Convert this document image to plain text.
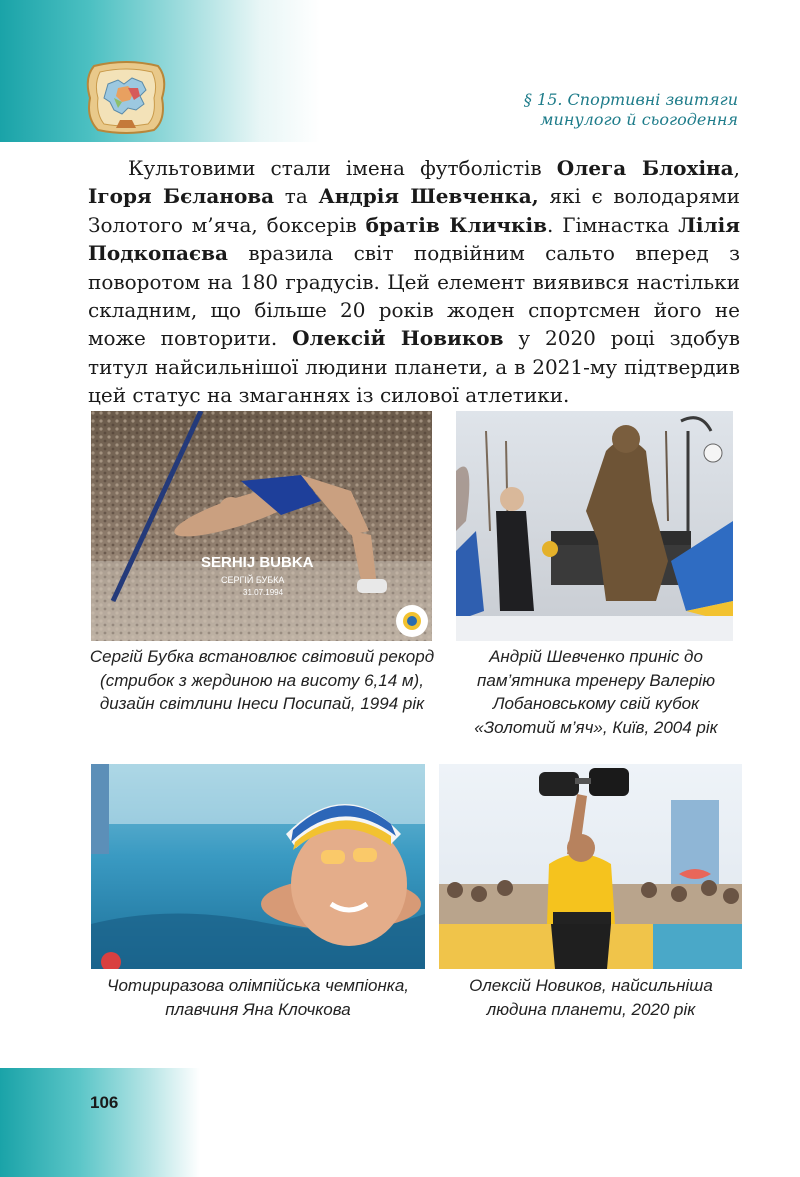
§ 15. Спортивні звитяги
минулого й сьогодення

Культовими стали імена футболістів Олега Блохіна, Ігоря Бєланова та Андрія Шевченка, які є володарями Золотого м’яча, боксерів братів Кличків. Гімнастка Лілія Подкопаєва вразила світ подвійним сальто вперед з поворотом на 180 градусів. Цей елемент виявився настільки складним, що більше 20 років жоден спортсмен його не може повторити. Олексій Новиков у 2020 році здобув титул найсильнішої людини планети, а в 2021-му підтвердив цей статус на змаганнях із силової атлетики.

SERHIJ BUBKA
СЕРГІЙ БУБКА
31.07.1994
Сергій Бубка встановлює світовий рекорд (стрибок з жердиною на висоту 6,14 м), дизайн світлини Інеси Посипай, 1994 рік
Андрій Шевченко приніс до пам’ятника тренеру Валерію Лобановському свій кубок «Золотий м’яч», Київ, 2004 рік
Чотириразова олімпійська чемпіонка, плавчиня Яна Клочкова
Олексій Новиков, найсильніша людина планети, 2020 рік
106
